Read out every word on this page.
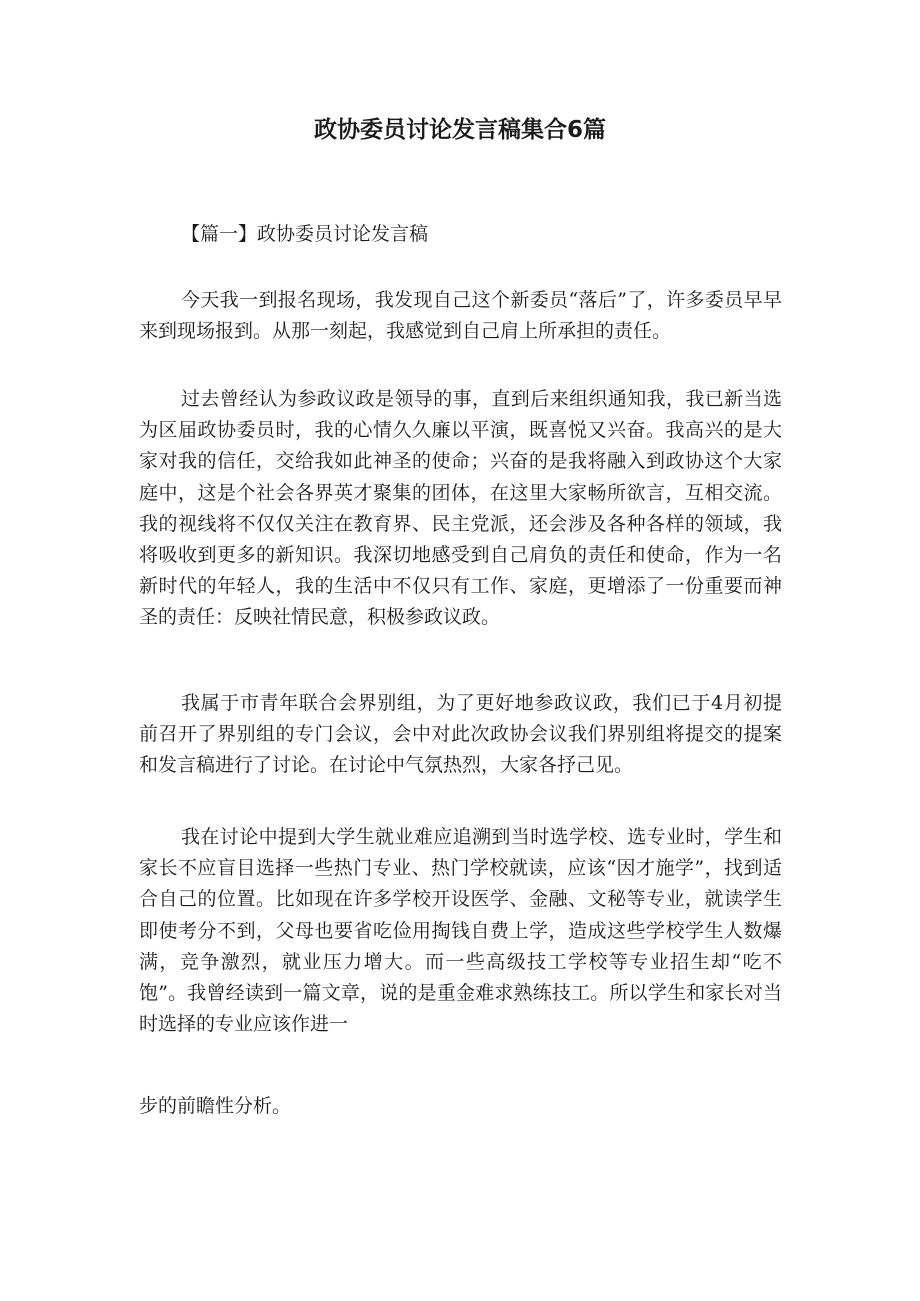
政协委员讨论发言稿集合6篇

【篇一】政协委员讨论发言稿

今天我一到报名现场，我发现自己这个新委员“落后”了，许多委员早早来到现场报到。从那一刻起，我感觉到自己肩上所承担的责任。

过去曾经认为参政议政是领导的事，直到后来组织通知我，我已新当选为区届政协委员时，我的心情久久廉以平演，既喜悦又兴奋。我高兴的是大家对我的信任，交给我如此神圣的使命；兴奋的是我将融入到政协这个大家庭中，这是个社会各界英才聚集的团体，在这里大家畅所欲言，互相交流。我的视线将不仅仅关注在教育界、民主党派，还会涉及各种各样的领域，我将吸收到更多的新知识。我深切地感受到自己肩负的责任和使命，作为一名新时代的年轻人，我的生活中不仅只有工作、家庭，更增添了一份重要而神圣的责任：反映社情民意，积极参政议政。

我属于市青年联合会界别组，为了更好地参政议政，我们已于4月初提前召开了界别组的专门会议，会中对此次政协会议我们界别组将提交的提案和发言稿进行了讨论。在讨论中气氛热烈，大家各抒己见。

我在讨论中提到大学生就业难应追溯到当时选学校、选专业时，学生和家长不应盲目选择一些热门专业、热门学校就读，应该“因才施学”，找到适合自己的位置。比如现在许多学校开设医学、金融、文秘等专业，就读学生即使考分不到，父母也要省吃俭用掏钱自费上学，造成这些学校学生人数爆满，竞争激烈，就业压力增大。而一些高级技工学校等专业招生却“吃不饱”。我曾经读到一篇文章，说的是重金难求熟练技工。所以学生和家长对当时选择的专业应该作进一

步的前瞻性分析。
